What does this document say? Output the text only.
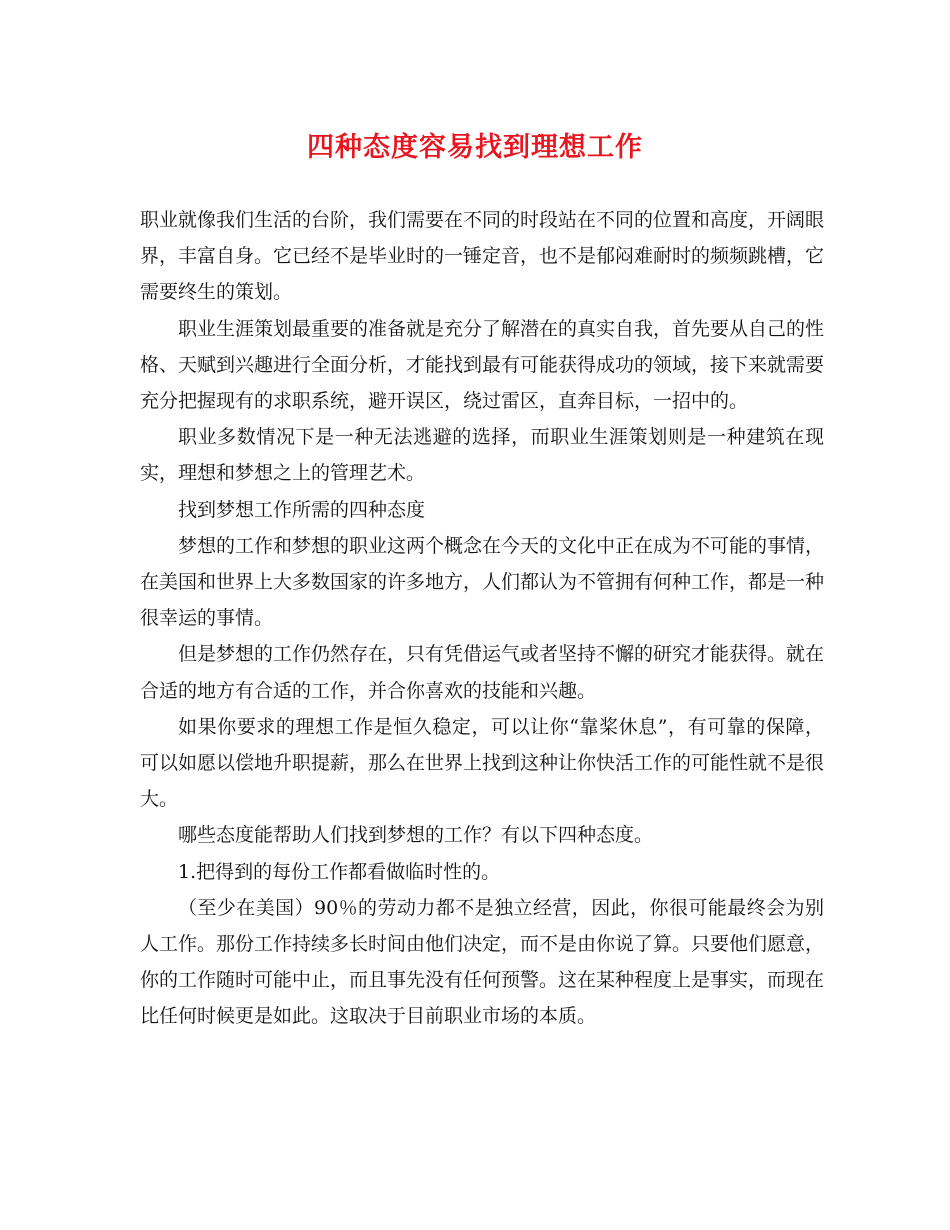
四种态度容易找到理想工作

职业就像我们生活的台阶，我们需要在不同的时段站在不同的位置和高度，开阔眼界，丰富自身。它已经不是毕业时的一锤定音，也不是郁闷难耐时的频频跳槽，它需要终生的策划。

职业生涯策划最重要的准备就是充分了解潜在的真实自我，首先要从自己的性格、天赋到兴趣进行全面分析，才能找到最有可能获得成功的领域，接下来就需要充分把握现有的求职系统，避开误区，绕过雷区，直奔目标，一招中的。

职业多数情况下是一种无法逃避的选择，而职业生涯策划则是一种建筑在现实，理想和梦想之上的管理艺术。

找到梦想工作所需的四种态度

梦想的工作和梦想的职业这两个概念在今天的文化中正在成为不可能的事情，在美国和世界上大多数国家的许多地方，人们都认为不管拥有何种工作，都是一种很幸运的事情。

但是梦想的工作仍然存在，只有凭借运气或者坚持不懈的研究才能获得。就在合适的地方有合适的工作，并合你喜欢的技能和兴趣。

如果你要求的理想工作是恒久稳定，可以让你“靠桨休息”，有可靠的保障，可以如愿以偿地升职提薪，那么在世界上找到这种让你快活工作的可能性就不是很大。

哪些态度能帮助人们找到梦想的工作？有以下四种态度。

1.把得到的每份工作都看做临时性的。

（至少在美国）90％的劳动力都不是独立经营，因此，你很可能最终会为别人工作。那份工作持续多长时间由他们决定，而不是由你说了算。只要他们愿意，你的工作随时可能中止，而且事先没有任何预警。这在某种程度上是事实，而现在比任何时候更是如此。这取决于目前职业市场的本质。
